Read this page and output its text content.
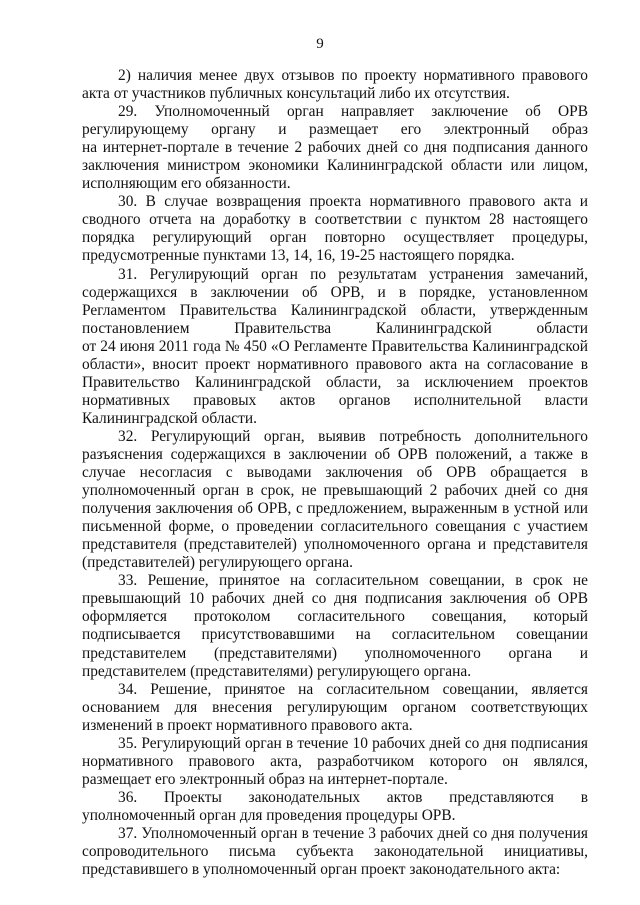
9
2) наличия менее двух отзывов по проекту нормативного правового
акта от участников публичных консультаций либо их отсутствия.
29. Уполномоченный орган направляет заключение об ОРВ
регулирующему органу и размещает его электронный образ
на интернет-портале в течение 2 рабочих дней со дня подписания данного
заключения министром экономики Калининградской области или лицом,
исполняющим его обязанности.
30. В случае возвращения проекта нормативного правового акта и
сводного отчета на доработку в соответствии с пунктом 28 настоящего
порядка регулирующий орган повторно осуществляет процедуры,
предусмотренные пунктами 13, 14, 16, 19-25 настоящего порядка.
31. Регулирующий орган по результатам устранения замечаний,
содержащихся в заключении об ОРВ, и в порядке, установленном
Регламентом Правительства Калининградской области, утвержденным
постановлением Правительства Калининградской области
от 24 июня 2011 года № 450 «О Регламенте Правительства Калининградской
области», вносит проект нормативного правового акта на согласование в
Правительство Калининградской области, за исключением проектов
нормативных правовых актов органов исполнительной власти
Калининградской области.
32. Регулирующий орган, выявив потребность дополнительного
разъяснения содержащихся в заключении об ОРВ положений, а также в
случае несогласия с выводами заключения об ОРВ обращается в
уполномоченный орган в срок, не превышающий 2 рабочих дней со дня
получения заключения об ОРВ, с предложением, выраженным в устной или
письменной форме, о проведении согласительного совещания с участием
представителя (представителей) уполномоченного органа и представителя
(представителей) регулирующего органа.
33. Решение, принятое на согласительном совещании, в срок не
превышающий 10 рабочих дней со дня подписания заключения об ОРВ
оформляется протоколом согласительного совещания, который
подписывается присутствовавшими на согласительном совещании
представителем (представителями) уполномоченного органа и
представителем (представителями) регулирующего органа.
34. Решение, принятое на согласительном совещании, является
основанием для внесения регулирующим органом соответствующих
изменений в проект нормативного правового акта.
35. Регулирующий орган в течение 10 рабочих дней со дня подписания
нормативного правового акта, разработчиком которого он являлся,
размещает его электронный образ на интернет-портале.
36. Проекты законодательных актов представляются в
уполномоченный орган для проведения процедуры ОРВ.
37. Уполномоченный орган в течение 3 рабочих дней со дня получения
сопроводительного письма субъекта законодательной инициативы,
представившего в уполномоченный орган проект законодательного акта:
